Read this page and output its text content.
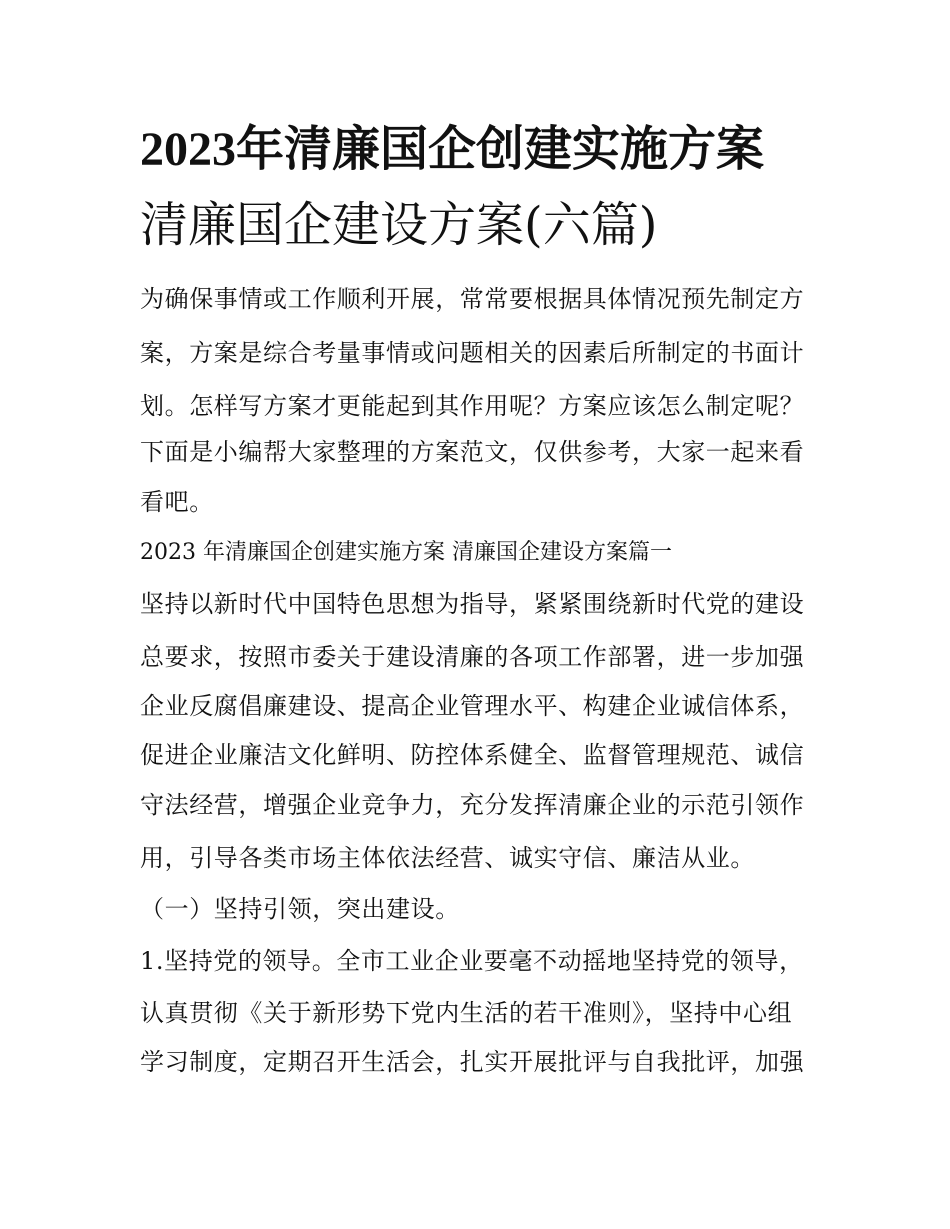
2023年清廉国企创建实施方案
清廉国企建设方案(六篇)
为确保事情或工作顺利开展，常常要根据具体情况预先制定方
案，方案是综合考量事情或问题相关的因素后所制定的书面计
划。怎样写方案才更能起到其作用呢？方案应该怎么制定呢？
下面是小编帮大家整理的方案范文，仅供参考，大家一起来看
看吧。
2023 年清廉国企创建实施方案 清廉国企建设方案篇一
坚持以新时代中国特色思想为指导，紧紧围绕新时代党的建设
总要求，按照市委关于建设清廉的各项工作部署，进一步加强
企业反腐倡廉建设、提高企业管理水平、构建企业诚信体系，
促进企业廉洁文化鲜明、防控体系健全、监督管理规范、诚信
守法经营，增强企业竞争力，充分发挥清廉企业的示范引领作
用，引导各类市场主体依法经营、诚实守信、廉洁从业。
（一）坚持引领，突出建设。
1.坚持党的领导。全市工业企业要毫不动摇地坚持党的领导，
认真贯彻《关于新形势下党内生活的若干准则》，坚持中心组
学习制度，定期召开生活会，扎实开展批评与自我批评，加强
